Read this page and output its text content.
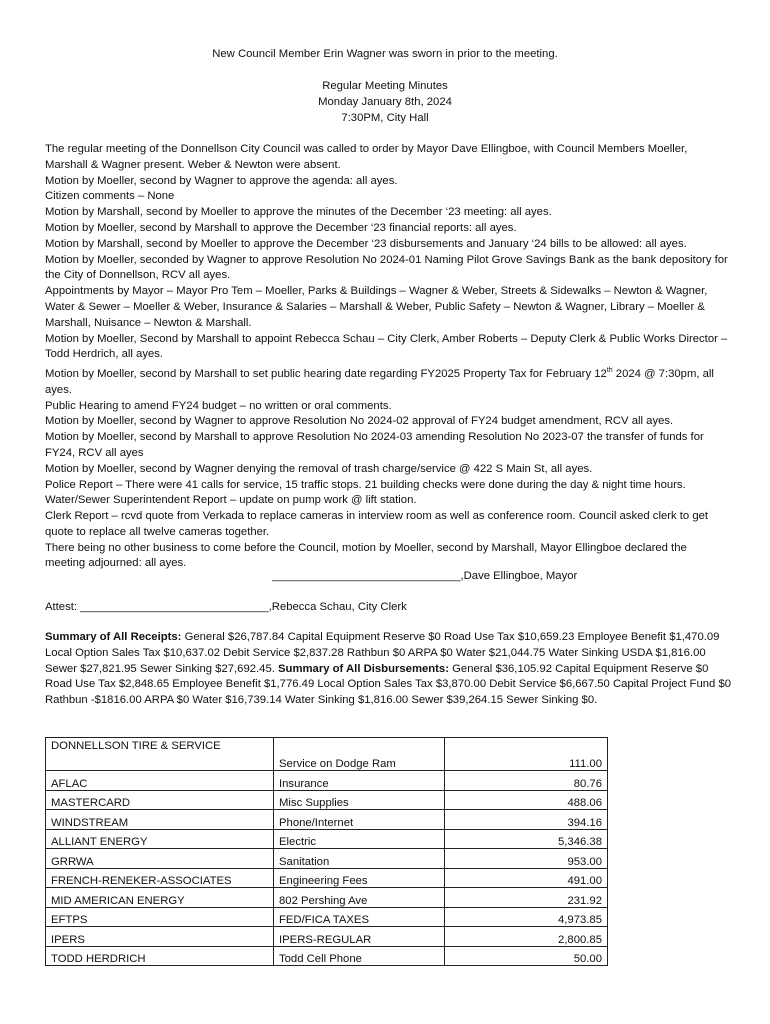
New Council Member Erin Wagner was sworn in prior to the meeting.
Regular Meeting Minutes
Monday January 8th, 2024
7:30PM, City Hall

The regular meeting of the Donnellson City Council was called to order by Mayor Dave Ellingboe, with Council Members Moeller, Marshall & Wagner present. Weber & Newton were absent.

Motion by Moeller, second by Wagner to approve the agenda: all ayes.

Citizen comments – None

Motion by Marshall, second by Moeller to approve the minutes of the December ‘23 meeting: all ayes.

Motion by Moeller, second by Marshall to approve the December ‘23 financial reports: all ayes.

Motion by Marshall, second by Moeller to approve the December ‘23 disbursements and January ‘24 bills to be allowed: all ayes.

Motion by Moeller, seconded by Wagner to approve Resolution No 2024-01 Naming Pilot Grove Savings Bank as the bank depository for the City of Donnellson, RCV all ayes.

Appointments by Mayor – Mayor Pro Tem – Moeller, Parks & Buildings – Wagner & Weber, Streets & Sidewalks – Newton & Wagner, Water & Sewer – Moeller & Weber, Insurance & Salaries – Marshall & Weber, Public Safety – Newton & Wagner, Library – Moeller & Marshall, Nuisance – Newton & Marshall.

Motion by Moeller, Second by Marshall to appoint Rebecca Schau – City Clerk, Amber Roberts – Deputy Clerk & Public Works Director – Todd Herdrich, all ayes.

Motion by Moeller, second by Marshall to set public hearing date regarding FY2025 Property Tax for February 12th 2024 @ 7:30pm, all ayes.

Public Hearing to amend FY24 budget – no written or oral comments.

Motion by Moeller, second by Wagner to approve Resolution No 2024-02 approval of FY24 budget amendment, RCV all ayes.

Motion by Moeller, second by Marshall to approve Resolution No 2024-03 amending Resolution No 2023-07 the transfer of funds for FY24, RCV all ayes

Motion by Moeller, second by Wagner denying the removal of trash charge/service @ 422 S Main St, all ayes.

Police Report – There were 41 calls for service, 15 traffic stops. 21 building checks were done during the day & night time hours.

Water/Sewer Superintendent Report – update on pump work @ lift station.

Clerk Report – rcvd quote from Verkada to replace cameras in interview room as well as conference room. Council asked clerk to get quote to replace all twelve cameras together.

There being no other business to come before the Council, motion by Moeller, second by Marshall, Mayor Ellingboe declared the meeting adjourned: all ayes.

______________________________,Dave Ellingboe, Mayor
Attest: ______________________________,Rebecca Schau, City Clerk

Summary of All Receipts: General $26,787.84 Capital Equipment Reserve $0 Road Use Tax $10,659.23 Employee Benefit $1,470.09 Local Option Sales Tax $10,637.02 Debit Service $2,837.28 Rathbun $0 ARPA $0 Water $21,044.75 Water Sinking USDA $1,816.00 Sewer $27,821.95 Sewer Sinking $27,692.45. Summary of All Disbursements: General $36,105.92 Capital Equipment Reserve $0 Road Use Tax $2,848.65 Employee Benefit $1,776.49 Local Option Sales Tax $3,870.00 Debit Service $6,667.50 Capital Project Fund $0 Rathbun -$1816.00 ARPA $0 Water $16,739.14 Water Sinking $1,816.00 Sewer $39,264.15 Sewer Sinking $0.

DONNELLSON TIRE & SERVICE	Service on Dodge Ram	111.00
AFLAC	Insurance	80.76
MASTERCARD	Misc Supplies	488.06
WINDSTREAM	Phone/Internet	394.16
ALLIANT ENERGY	Electric	5,346.38
GRRWA	Sanitation	953.00
FRENCH-RENEKER-ASSOCIATES	Engineering Fees	491.00
MID AMERICAN ENERGY	802 Pershing Ave	231.92
EFTPS	FED/FICA TAXES	4,973.85
IPERS	IPERS-REGULAR	2,800.85
TODD HERDRICH	Todd Cell Phone	50.00
